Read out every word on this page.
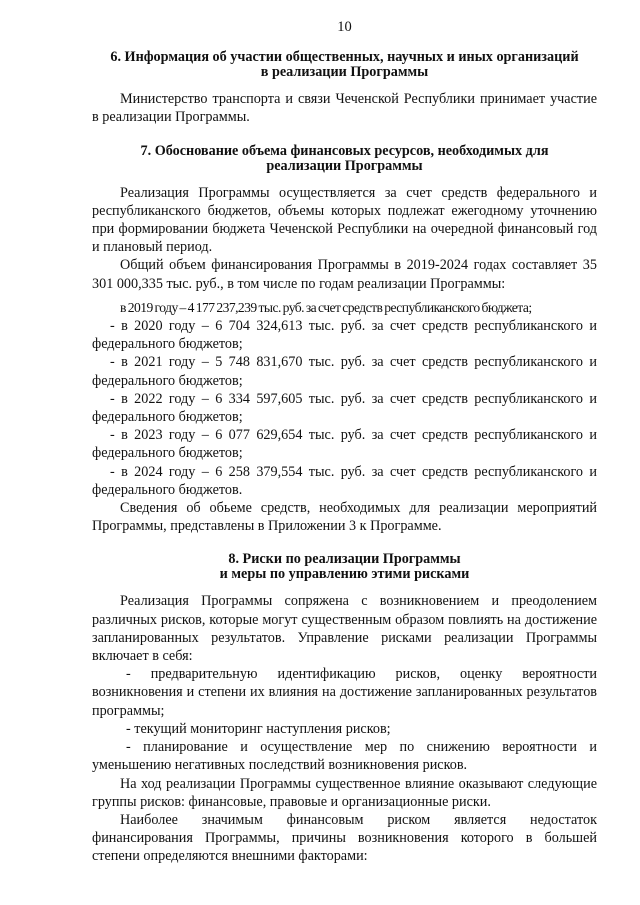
10
6. Информация об участии общественных, научных и иных организаций
в реализации Программы

Министерство транспорта и связи Чеченской Республики принимает участие в реализации Программы.

7. Обоснование объема финансовых ресурсов, необходимых для
реализации Программы

Реализация Программы осуществляется за счет средств федерального и республиканского бюджетов, объемы которых подлежат ежегодному уточнению при формировании бюджета Чеченской Республики на очередной финансовый год и плановый период.

Общий объем финансирования Программы в 2019-2024 годах составляет 35 301 000,335 тыс. руб., в том числе по годам реализации Программы:

в 2019 году – 4 177 237,239 тыс. руб. за счет средств республиканского бюджета;

- в 2020 году – 6 704 324,613 тыс. руб. за счет средств республиканского и федерального бюджетов;

- в 2021 году – 5 748 831,670 тыс. руб. за счет средств республиканского и федерального бюджетов;

- в 2022 году – 6 334 597,605 тыс. руб. за счет средств республиканского и федерального бюджетов;

- в 2023 году – 6 077 629,654 тыс. руб. за счет средств республиканского и федерального бюджетов;

- в 2024 году – 6 258 379,554 тыс. руб. за счет средств республиканского и федерального бюджетов.

Сведения об обьеме средств, необходимых для реализации мероприятий Программы, представлены в Приложении 3 к Программе.

8. Риски по реализации Программы
и меры по управлению этими рисками

Реализация Программы сопряжена с возникновением и преодолением различных рисков, которые могут существенным образом повлиять на достижение запланированных результатов. Управление рисками реализации Программы включает в себя:

- предварительную идентификацию рисков, оценку вероятности возникновения и степени их влияния на достижение запланированных результатов программы;

- текущий мониторинг наступления рисков;

- планирование и осуществление мер по снижению вероятности и уменьшению негативных последствий возникновения рисков.

На ход реализации Программы существенное влияние оказывают следующие группы рисков: финансовые, правовые и организационные риски.

Наиболее значимым финансовым риском является недостаток финансирования Программы, причины возникновения которого в большей степени определяются внешними факторами:
